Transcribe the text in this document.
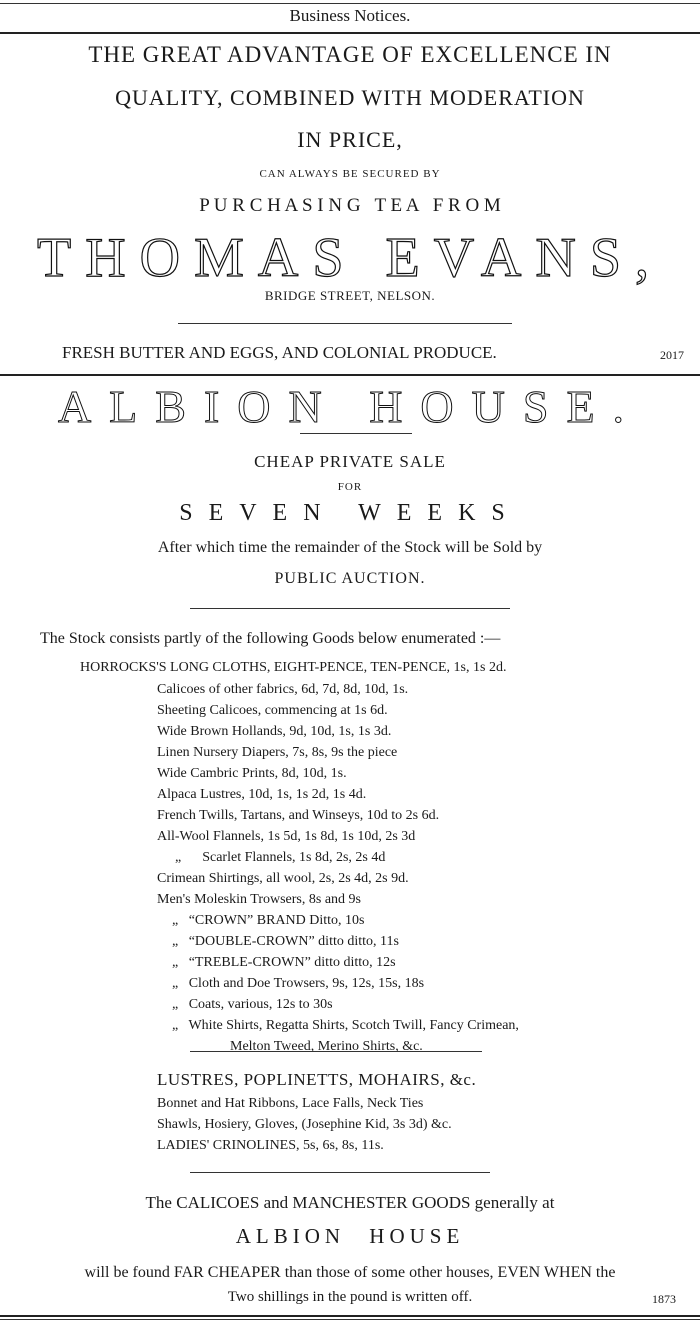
Business Notices.
THE GREAT ADVANTAGE OF EXCELLENCE IN
QUALITY, COMBINED WITH MODERATION
IN PRICE,
CAN ALWAYS BE SECURED BY
P U R C H A S I N G   T E A   F R O M
THOMAS EVANS,
BRIDGE STREET, NELSON.
FRESH BUTTER AND EGGS, AND COLONIAL PRODUCE.	2017
ALBION HOUSE.
CHEAP PRIVATE SALE
FOR
SEVEN WEEKS
After which time the remainder of the Stock will be Sold by
PUBLIC AUCTION.
The Stock consists partly of the following Goods below enumerated :—
HORROCKS'S LONG CLOTHS, EIGHT-PENCE, TEN-PENCE, 1s, 1s 2d.
Calicoes of other fabrics, 6d, 7d, 8d, 10d, 1s.
Sheeting Calicoes, commencing at 1s 6d.
Wide Brown Hollands, 9d, 10d, 1s, 1s 3d.
Linen Nursery Diapers, 7s, 8s, 9s the piece
Wide Cambric Prints, 8d, 10d, 1s.
Alpaca Lustres, 10d, 1s, 1s 2d, 1s 4d.
French Twills, Tartans, and Winseys, 10d to 2s 6d.
All-Wool Flannels, 1s 5d, 1s 8d, 1s 10d, 2s 3d
„      Scarlet Flannels, 1s 8d, 2s, 2s 4d
Crimean Shirtings, all wool, 2s, 2s 4d, 2s 9d.
Men's Moleskin Trowsers, 8s and 9s
„   “CROWN” BRAND Ditto, 10s
„   “DOUBLE-CROWN” ditto ditto, 11s
„   “TREBLE-CROWN” ditto ditto, 12s
„   Cloth and Doe Trowsers, 9s, 12s, 15s, 18s
„   Coats, various, 12s to 30s
„   White Shirts, Regatta Shirts, Scotch Twill, Fancy Crimean,
Melton Tweed, Merino Shirts, &c.
LUSTRES, POPLINETTS, MOHAIRS, &c.
Bonnet and Hat Ribbons, Lace Falls, Neck Ties
Shawls, Hosiery, Gloves, (Josephine Kid, 3s 3d) &c.
LADIES' CRINOLINES, 5s, 6s, 8s, 11s.
The CALICOES and MANCHESTER GOODS generally at
ALBION HOUSE
will be found FAR CHEAPER than those of some other houses, EVEN WHEN the
Two shillings in the pound is written off.	1873
